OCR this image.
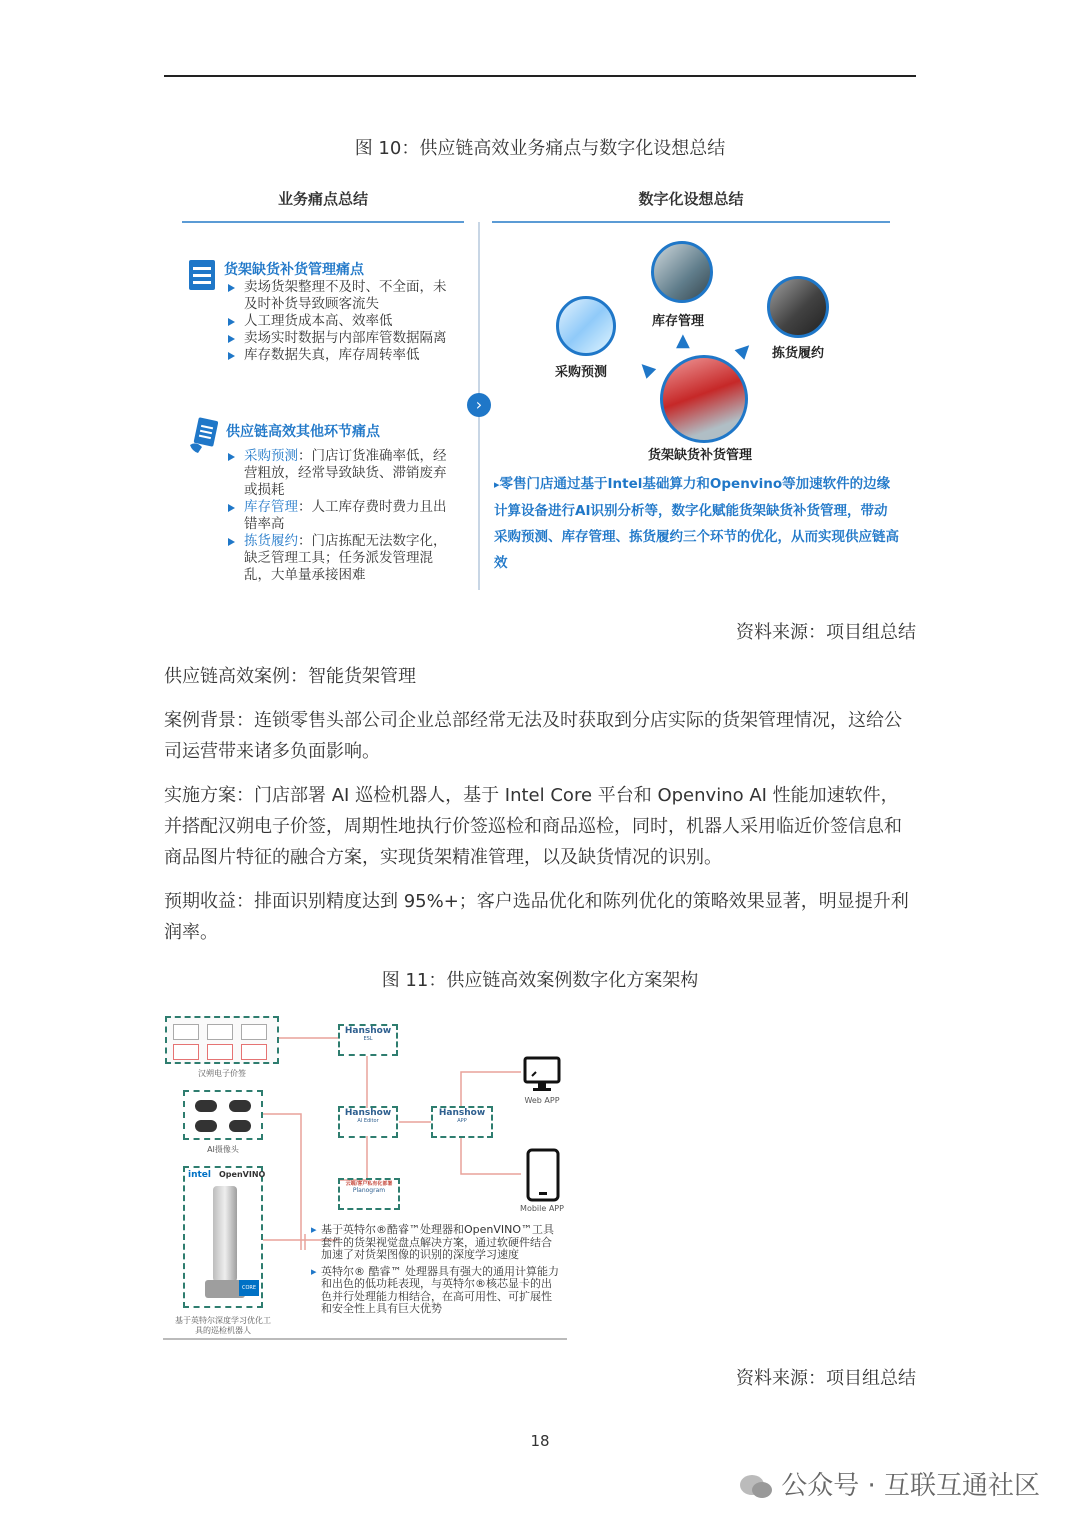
图 10：供应链高效业务痛点与数字化设想总结
业务痛点总结	数字化设想总结
›
货架缺货补货管理痛点
卖场货架整理不及时、不全面，未及时补货导致顾客流失
人工理货成本高、效率低
卖场实时数据与内部库管数据隔离
库存数据失真，库存周转率低
供应链高效其他环节痛点
采购预测：门店订货准确率低，经营粗放，经常导致缺货、滞销废弃或损耗
库存管理：人工库存费时费力且出错率高
拣货履约：门店拣配无法数字化，缺乏管理工具；任务派发管理混乱，大单量承接困难
库存管理
拣货履约
采购预测
货架缺货补货管理
▲
▲
▲
▸零售门店通过基于Intel基础算力和Openvino等加速软件的边缘计算设备进行AI识别分析等，数字化赋能货架缺货补货管理，带动采购预测、库存管理、拣货履约三个环节的优化，从而实现供应链高效
资料来源：项目组总结
供应链高效案例：智能货架管理
案例背景：连锁零售头部公司企业总部经常无法及时获取到分店实际的货架管理情况，这给公司运营带来诸多负面影响。
实施方案：门店部署 AI 巡检机器人，基于 Intel Core 平台和 Openvino AI 性能加速软件，并搭配汉朔电子价签，周期性地执行价签巡检和商品巡检，同时，机器人采用临近价签信息和商品图片特征的融合方案，实现货架精准管理，以及缺货情况的识别。
预期收益：排面识别精度达到 95%+；客户选品优化和陈列优化的策略效果显著，明显提升利润率。
图 11：供应链高效案例数字化方案架构
汉朔电子价签
AI摄像头
intel OpenVINO
CORE
基于英特尔深度学习优化工具的巡检机器人
Hanshow
ESL
Hanshow
AI Editor
Hanshow
APP
云端/客户私有化部署
Planogram
Web APP
Mobile APP
▸ 基于英特尔®酷睿™处理器和OpenVINO™工具套件的货架视觉盘点解决方案，通过软硬件结合加速了对货架图像的识别的深度学习速度
▸ 英特尔® 酷睿™ 处理器具有强大的通用计算能力和出色的低功耗表现，与英特尔®核芯显卡的出色并行处理能力相结合，在高可用性、可扩展性和安全性上具有巨大优势
资料来源：项目组总结
18
公众号 · 互联互通社区
